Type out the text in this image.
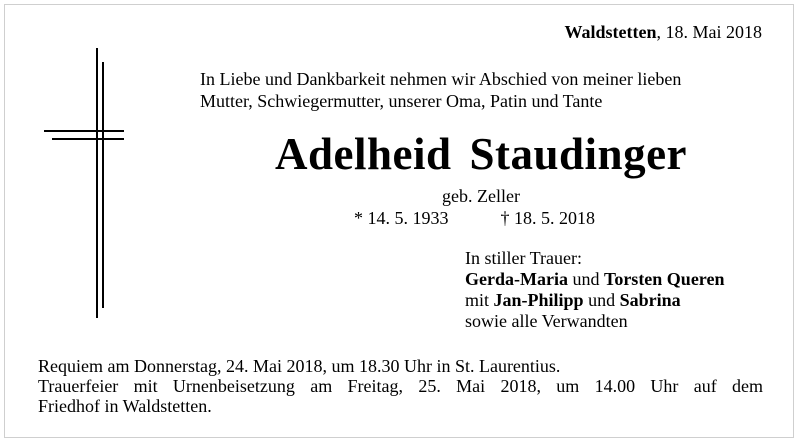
Waldstetten, 18. Mai 2018
In Liebe und Dankbarkeit nehmen wir Abschied von meiner lieben
Mutter, Schwiegermutter, unserer Oma, Patin und Tante
Adelheid Staudinger
geb. Zeller
* 14. 5. 1933	† 18. 5. 2018
In stiller Trauer:
Gerda-Maria und Torsten Queren
mit Jan-Philipp und Sabrina
sowie alle Verwandten

Requiem am Donnerstag, 24. Mai 2018, um 18.30 Uhr in St. Laurentius.

Trauerfeier mit Urnenbeisetzung am Freitag, 25. Mai 2018, um 14.00 Uhr auf dem

Friedhof in Waldstetten.
